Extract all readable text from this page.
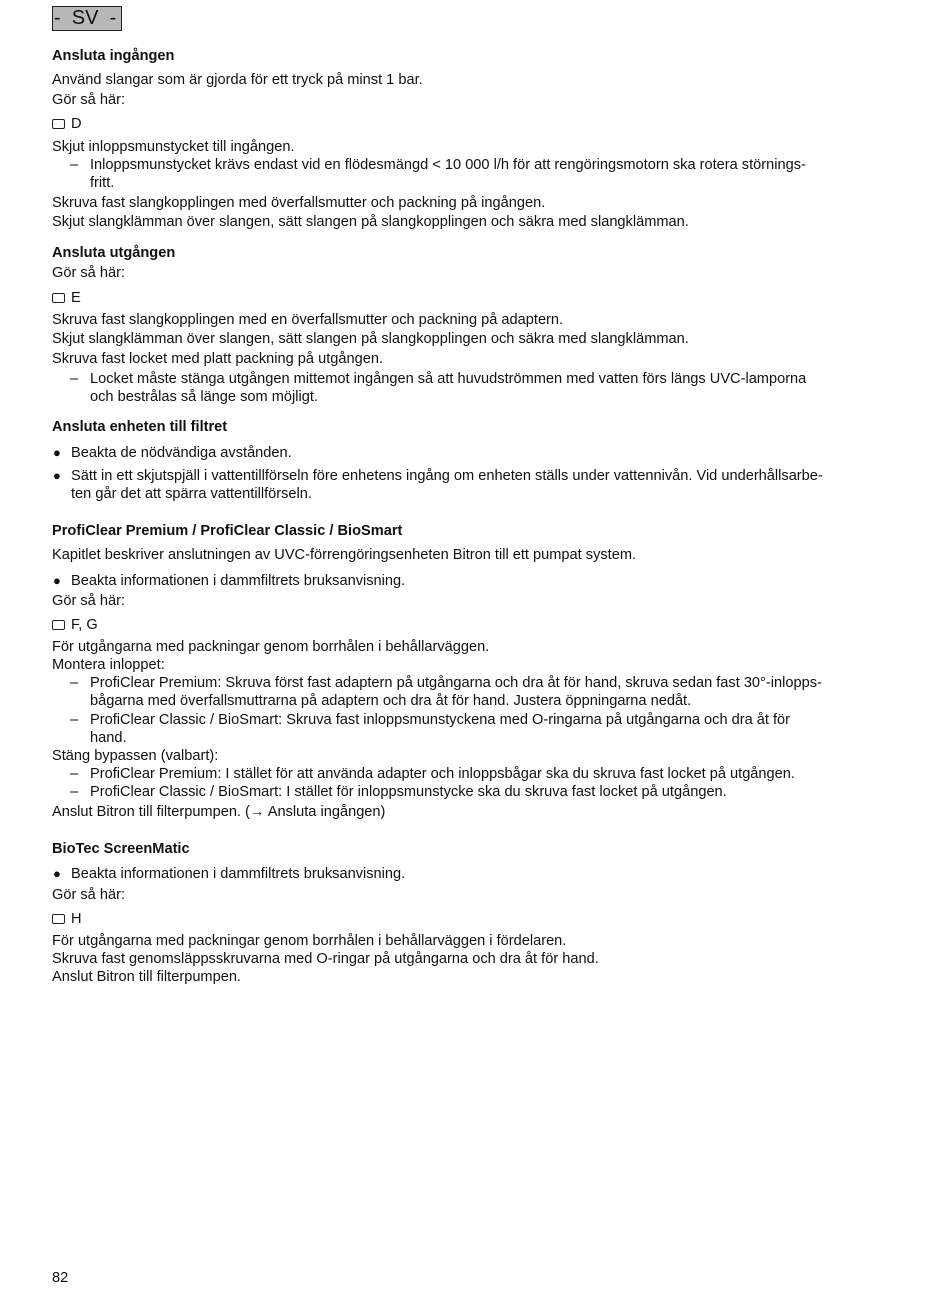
-  SV  -
Ansluta ingången
Använd slangar som är gjorda för ett tryck på minst 1 bar.
Gör så här:
D
Skjut inloppsmunstycket till ingången.
– Inloppsmunstycket krävs endast vid en flödesmängd < 10 000 l/h för att rengöringsmotorn ska rotera störnings-
fritt.
Skruva fast slangkopplingen med överfallsmutter och packning på ingången.
Skjut slangklämman över slangen, sätt slangen på slangkopplingen och säkra med slangklämman.
Ansluta utgången
Gör så här:
E
Skruva fast slangkopplingen med en överfallsmutter och packning på adaptern.
Skjut slangklämman över slangen, sätt slangen på slangkopplingen och säkra med slangklämman.
Skruva fast locket med platt packning på utgången.
– Locket måste stänga utgången mittemot ingången så att huvudströmmen med vatten förs längs UVC-lamporna
och bestrålas så länge som möjligt.
Ansluta enheten till filtret
● Beakta de nödvändiga avstånden.
● Sätt in ett skjutspjäll i vattentillförseln före enhetens ingång om enheten ställs under vattennivån. Vid underhållsarbe-
ten går det att spärra vattentillförseln.
ProfiClear Premium / ProfiClear Classic / BioSmart
Kapitlet beskriver anslutningen av UVC-förrengöringsenheten Bitron till ett pumpat system.
● Beakta informationen i dammfiltrets bruksanvisning.
Gör så här:
F, G
För utgångarna med packningar genom borrhålen i behållarväggen.
Montera inloppet:
– ProfiClear Premium: Skruva först fast adaptern på utgångarna och dra åt för hand, skruva sedan fast 30°-inlopps-
bågarna med överfallsmuttrarna på adaptern och dra åt för hand. Justera öppningarna nedåt.
– ProfiClear Classic / BioSmart: Skruva fast inloppsmunstyckena med O-ringarna på utgångarna och dra åt för
hand.
Stäng bypassen (valbart):
– ProfiClear Premium: I stället för att använda adapter och inloppsbågar ska du skruva fast locket på utgången.
– ProfiClear Classic / BioSmart: I stället för inloppsmunstycke ska du skruva fast locket på utgången.
Anslut Bitron till filterpumpen. (→ Ansluta ingången)
BioTec ScreenMatic
● Beakta informationen i dammfiltrets bruksanvisning.
Gör så här:
H
För utgångarna med packningar genom borrhålen i behållarväggen i fördelaren.
Skruva fast genomsläppsskruvarna med O-ringar på utgångarna och dra åt för hand.
Anslut Bitron till filterpumpen.
82
